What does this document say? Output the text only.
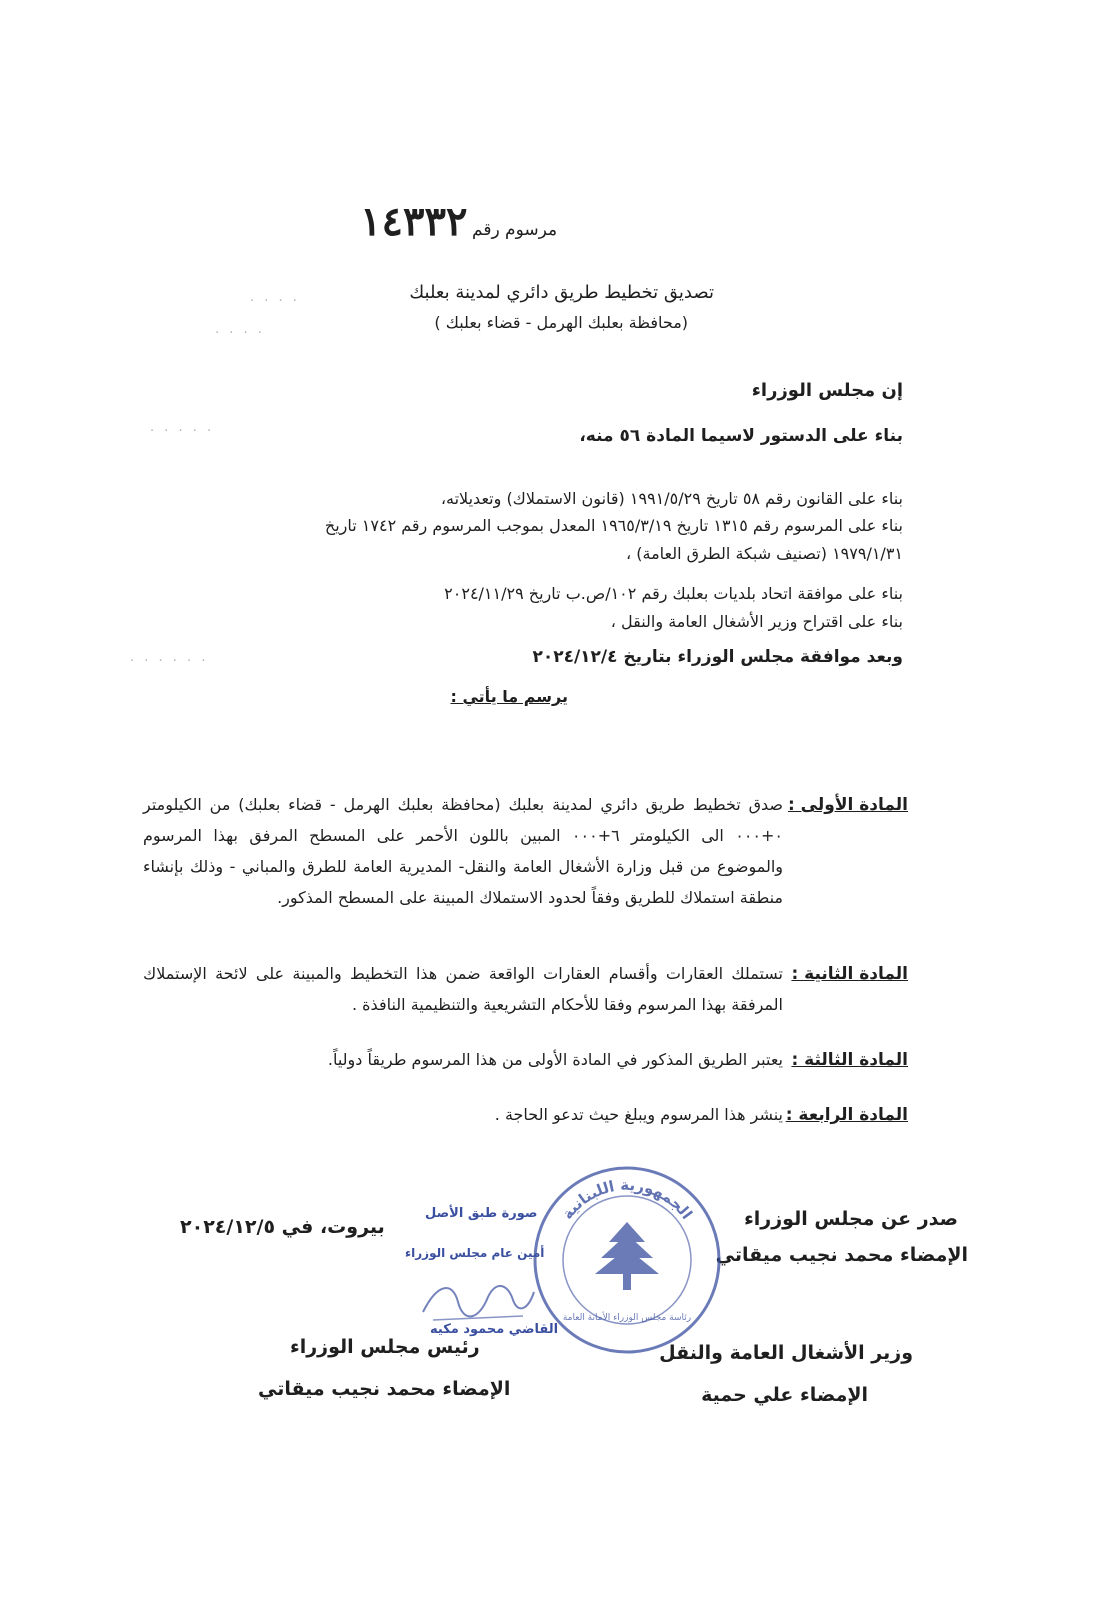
١٤٣٣٢ مرسوم رقم
تصديق تخطيط طريق دائري لمدينة بعلبك
(محافظة بعلبك الهرمل - قضاء بعلبك )
. . . .
. . . .
إن مجلس الوزراء
بناء على الدستور لاسيما المادة ٥٦ منه،
. . . . .
بناء على القانون رقم ٥٨ تاريخ ١٩٩١/٥/٢٩ (قانون الاستملاك) وتعديلاته،
بناء على المرسوم رقم ١٣١٥ تاريخ ١٩٦٥/٣/١٩ المعدل بموجب المرسوم رقم ١٧٤٢ تاريخ
١٩٧٩/١/٣١ (تصنيف شبكة الطرق العامة) ،
بناء على موافقة اتحاد بلديات بعلبك رقم ١٠٢/ص.ب تاريخ ٢٠٢٤/١١/٢٩
بناء على اقتراح وزير الأشغال العامة والنقل ،
وبعد موافقة مجلس الوزراء بتاريخ ٢٠٢٤/١٢/٤
. . . . . .
يرسم ما يأتي :
المادة الأولى :
صدق تخطيط طريق دائري لمدينة بعلبك (محافظة بعلبك الهرمل - قضاء بعلبك) من الكيلومتر ٠+٠٠٠ الى الكيلومتر ٦+٠٠٠ المبين باللون الأحمر على المسطح المرفق بهذا المرسوم والموضوع من قبل وزارة الأشغال العامة والنقل- المديرية العامة للطرق والمباني - وذلك بإنشاء منطقة استملاك للطريق وفقاً لحدود الاستملاك المبينة على المسطح المذكور.
المادة الثانية :
تستملك العقارات وأقسام العقارات الواقعة ضمن هذا التخطيط والمبينة على لائحة الإستملاك المرفقة بهذا المرسوم وفقا للأحكام التشريعية والتنظيمية النافذة .
المادة الثالثة :
يعتبر الطريق المذكور في المادة الأولى من هذا المرسوم طريقاً دولياً.
المادة الرابعة :
ينشر هذا المرسوم ويبلغ حيث تدعو الحاجة .
صدر عن مجلس الوزراء
الإمضاء محمد نجيب ميقاتي
بيروت، في ٢٠٢٤/١٢/٥
وزير الأشغال العامة والنقل
الإمضاء علي حمية
رئيس مجلس الوزراء
الإمضاء محمد نجيب ميقاتي
صورة طبق الأصل
أمين عام مجلس الوزراء
القاضي محمود مكيه
الجمهورية اللبنانية
رئاسة مجلس الوزراء الأمانة العامة
